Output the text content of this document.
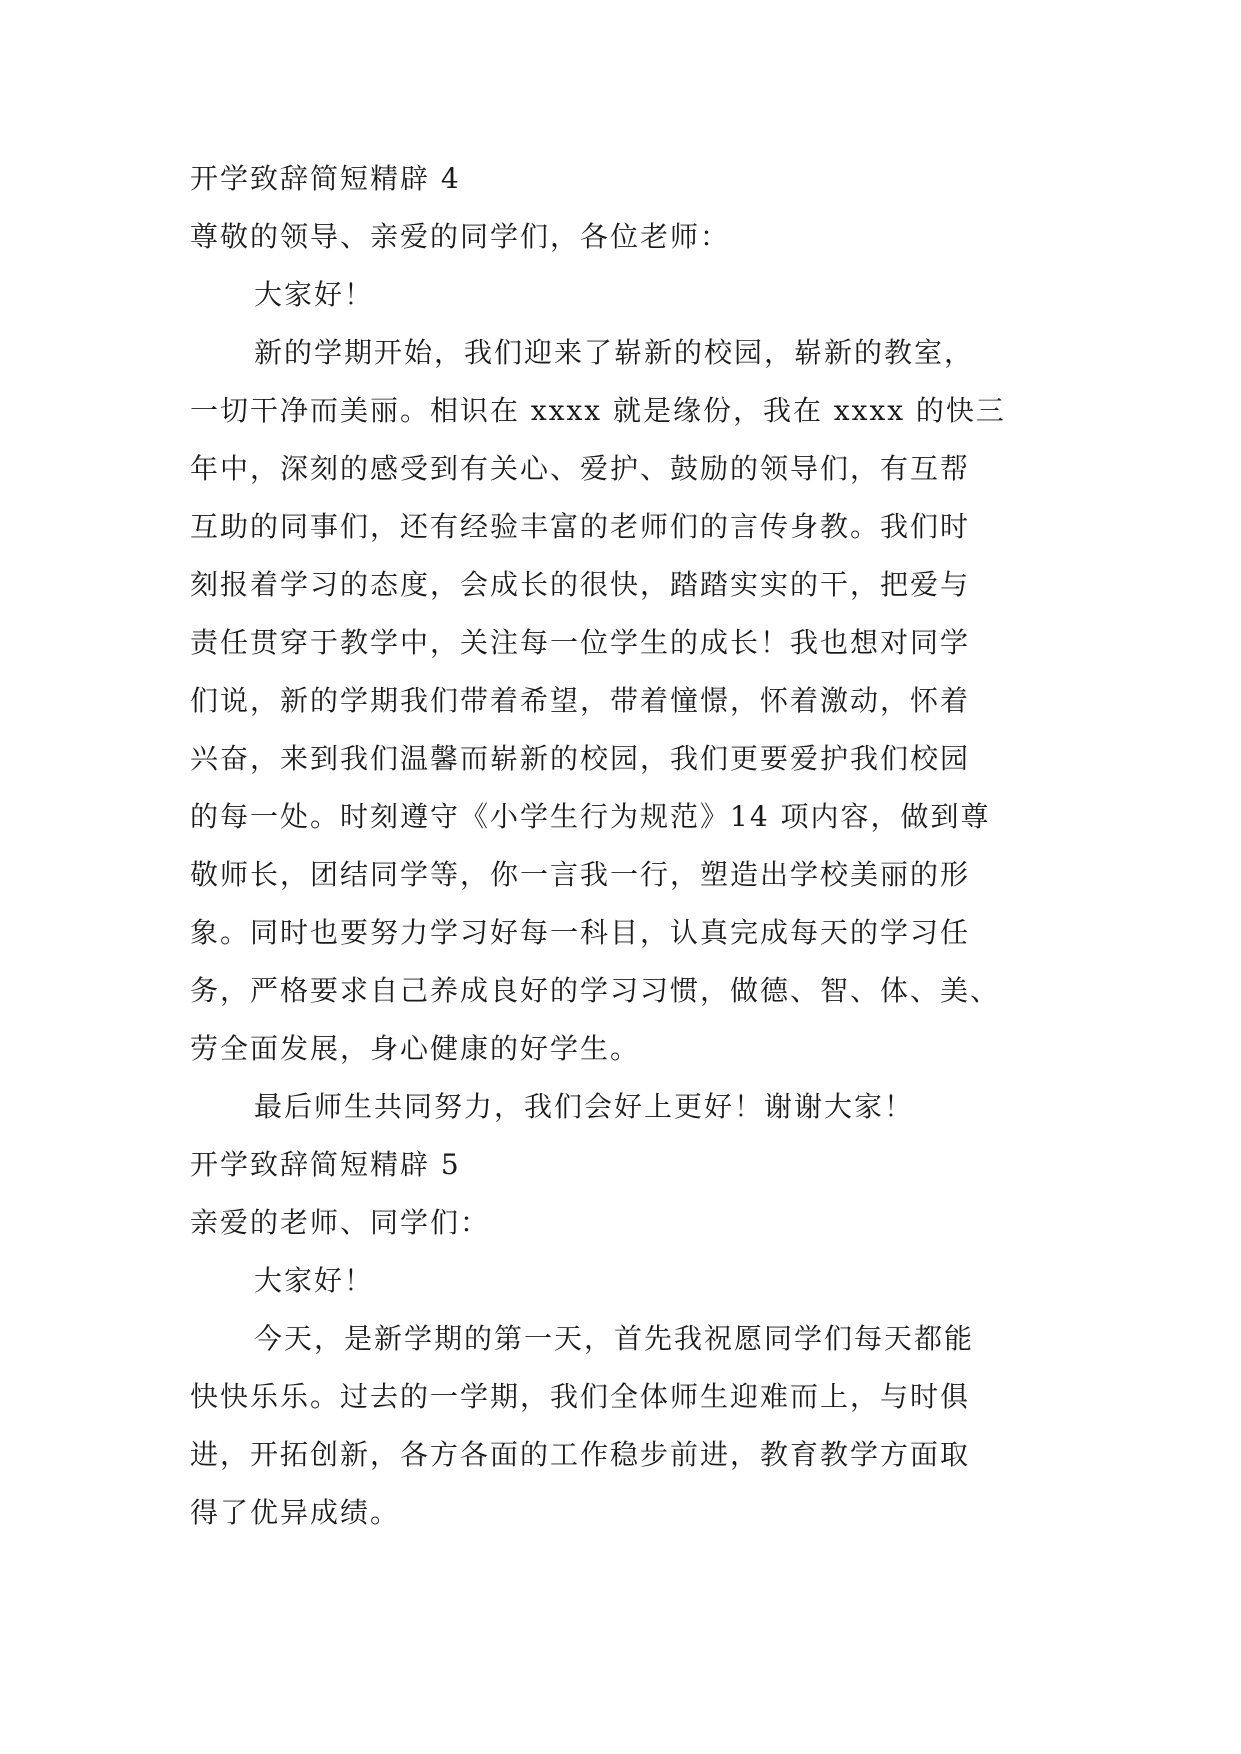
开学致辞简短精辟 4
尊敬的领导、亲爱的同学们，各位老师：
大家好！
新的学期开始，我们迎来了崭新的校园，崭新的教室，
一切干净而美丽。相识在 xxxx 就是缘份，我在 xxxx 的快三
年中，深刻的感受到有关心、爱护、鼓励的领导们，有互帮
互助的同事们，还有经验丰富的老师们的言传身教。我们时
刻报着学习的态度，会成长的很快，踏踏实实的干，把爱与
责任贯穿于教学中，关注每一位学生的成长！我也想对同学
们说，新的学期我们带着希望，带着憧憬，怀着激动，怀着
兴奋，来到我们温馨而崭新的校园，我们更要爱护我们校园
的每一处。时刻遵守《小学生行为规范》14 项内容，做到尊
敬师长，团结同学等，你一言我一行，塑造出学校美丽的形
象。同时也要努力学习好每一科目，认真完成每天的学习任
务，严格要求自己养成良好的学习习惯，做德、智、体、美、
劳全面发展，身心健康的好学生。
最后师生共同努力，我们会好上更好！谢谢大家！
开学致辞简短精辟 5
亲爱的老师、同学们：
大家好！
今天，是新学期的第一天，首先我祝愿同学们每天都能
快快乐乐。过去的一学期，我们全体师生迎难而上，与时俱
进，开拓创新，各方各面的工作稳步前进，教育教学方面取
得了优异成绩。
